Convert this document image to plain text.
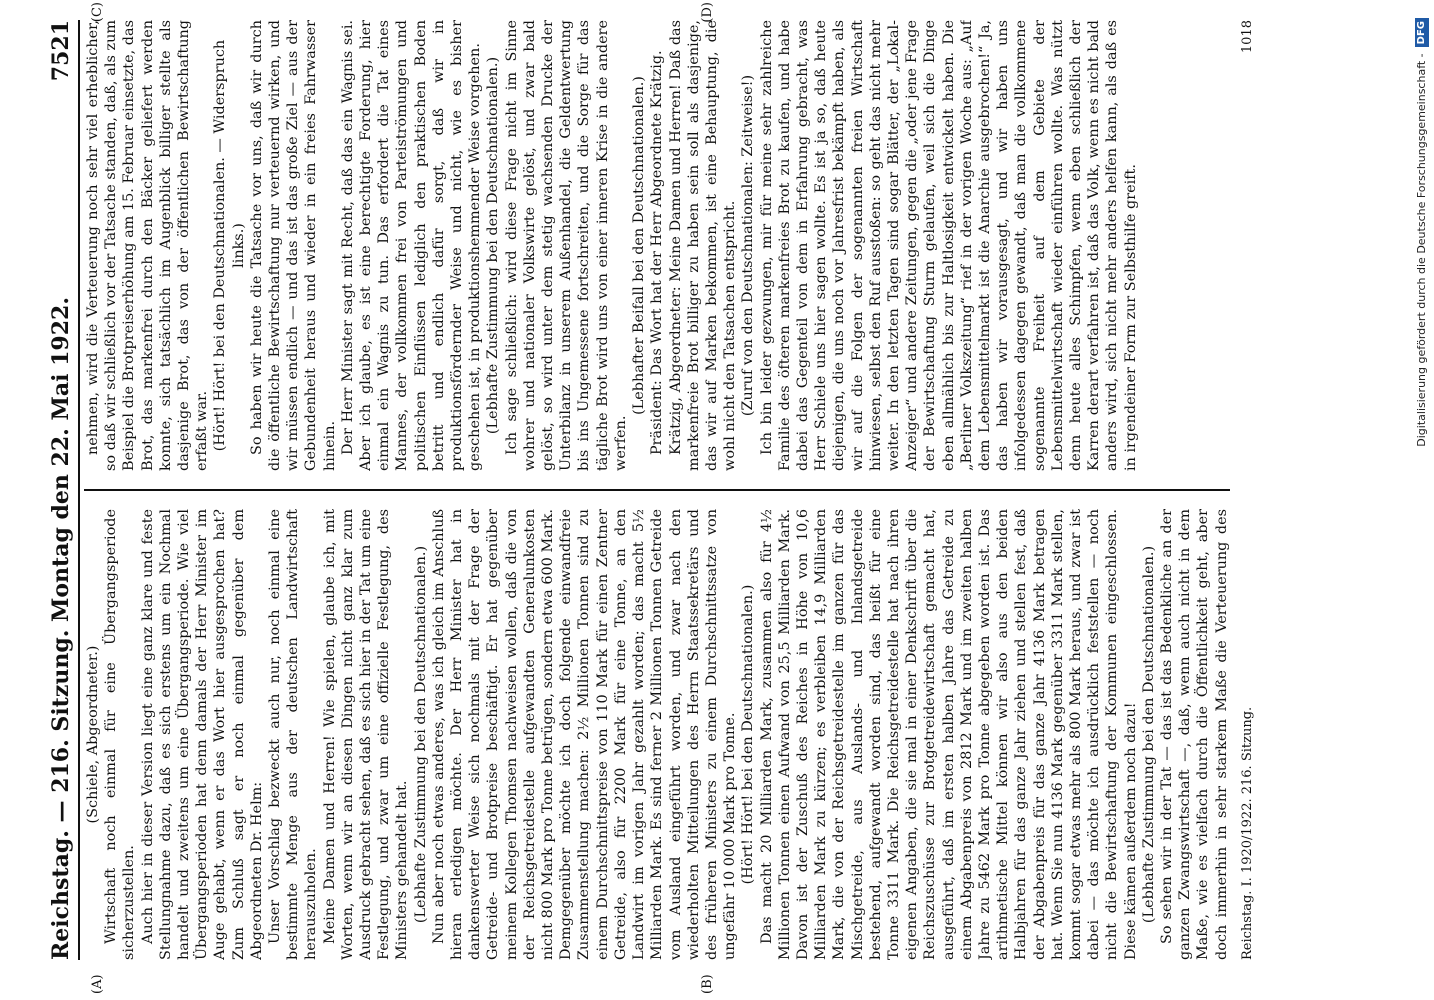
Reichstag. — 216. Sitzung. Montag den 22. Mai 1922.
7521

(Schiele, Abgeordneter.) Wirtschaft noch einmal für eine Übergangsperiode sicherzustellen. Auch hier in dieser Version liegt eine ganz klare und feste Stellungnahme dazu, daß es sich erstens um ein Nochmal handelt und zweitens um eine Übergangsperiode. Wie viel Übergangsperioden hat denn damals der Herr Minister im Auge gehabt, wenn er das Wort hier ausgesprochen hat? Zum Schluß sagt er noch einmal gegenüber dem Abgeordneten Dr. Helm: Unser Vorschlag bezweckt auch nur, noch einmal eine bestimmte Menge aus der deutschen Landwirtschaft herauszuholen. Meine Damen und Herren! Wie spielen, glaube ich, mit Worten, wenn wir an diesen Dingen nicht ganz klar zum Ausdruck gebracht sehen, daß es sich hier in der Tat um eine Festlegung, und zwar um eine offizielle Festlegung, des Ministers gehandelt hat. (Lebhafte Zustimmung bei den Deutschnationalen.) Nun aber noch etwas anderes, was ich gleich im Anschluß hieran erledigen möchte. Der Herr Minister hat in dankenswerter Weise sich nochmals mit der Frage der Getreide- und Brotpreise beschäftigt. Er hat gegenüber meinem Kollegen Thomsen nachweisen wollen, daß die von der Reichsgetreidestelle aufgewandten Generalunkosten nicht 800 Mark pro Tonne betrügen, sondern etwa 600 Mark. Demgegenüber möchte ich doch folgende einwandfreie Zusammenstellung machen: 2½ Millionen Tonnen sind zu einem Durchschnittspreise von 110 Mark für einen Zentner Getreide, also für 2200 Mark für eine Tonne, an den Landwirt im vorigen Jahr gezahlt worden; das macht 5½ Milliarden Mark. Es sind ferner 2 Millionen Tonnen Getreide vom Ausland eingeführt worden, und zwar nach den wiederholten Mitteilungen des Herrn Staatssekretärs und des früheren Ministers zu einem Durchschnittssatze von ungefähr 10 000 Mark pro Tonne. (Hört! Hört! bei den Deutschnationalen.) Das macht 20 Milliarden Mark, zusammen also für 4½ Millionen Tonnen einen Aufwand von 25,5 Milliarden Mark. Davon ist der Zuschuß des Reiches in Höhe von 10,6 Milliarden Mark zu kürzen; es verbleiben 14,9 Milliarden Mark, die von der Reichsgetreidestelle im ganzen für das Mischgetreide, aus Auslands- und Inlandsgetreide bestehend, aufgewandt worden sind, das heißt für eine Tonne 3311 Mark. Die Reichsgetreidestelle hat nach ihren eigenen Angaben, die sie mal in einer Denkschrift über die Reichszuschüsse zur Brotgetreidewirtschaft gemacht hat, ausgeführt, daß im ersten halben Jahre das Getreide zu einem Abgabenpreis von 2812 Mark und im zweiten halben Jahre zu 5462 Mark pro Tonne abgegeben worden ist. Das arithmetische Mittel können wir also aus den beiden Halbjahren für das ganze Jahr ziehen und stellen fest, daß der Abgabenpreis für das ganze Jahr 4136 Mark betragen hat. Wenn Sie nun 4136 Mark gegenüber 3311 Mark stellen, kommt sogar etwas mehr als 800 Mark heraus, und zwar ist dabei — das möchte ich ausdrücklich feststellen — noch nicht die Bewirtschaftung der Kommunen eingeschlossen. Diese kämen außerdem noch dazu! (Lebhafte Zustimmung bei den Deutschnationalen.)

So sehen wir in der Tat — das ist das Bedenkliche an der ganzen Zwangswirtschaft —, daß, wenn auch nicht in dem Maße, wie es vielfach durch die Öffentlichkeit geht, aber doch immerhin in sehr starkem Maße die Verteuerung des

nehmen, wird die Verteuerung noch sehr viel erheblicher, so daß wir schließlich vor der Tatsache standen, daß, als zum Beispiel die Brotpreiserhöhung am 15. Februar einsetzte, das Brot, das markenfrei durch den Bäcker geliefert werden konnte, sich tatsächlich im Augenblick billiger stellte als dasjenige Brot, das von der öffentlichen Bewirtschaftung erfaßt war. (Hört! Hört! bei den Deutschnationalen. — Widerspruch links.) So haben wir heute die Tatsache vor uns, daß wir durch die öffentliche Bewirtschaftung nur verteuernd wirken, und wir müssen endlich — und das ist das große Ziel — aus der Gebundenheit heraus und wieder in ein freies Fahrwasser hinein. Der Herr Minister sagt mit Recht, daß das ein Wagnis sei. Aber ich glaube, es ist eine berechtigte Forderung, hier einmal ein Wagnis zu tun. Das erfordert die Tat eines Mannes, der vollkommen frei von Parteiströmungen und politischen Einflüssen lediglich den praktischen Boden betritt und endlich dafür sorgt, daß wir in produktionsfördernder Weise und nicht, wie es bisher geschehen ist, in produktionshemmender Weise vorgehen. (Lebhafte Zustimmung bei den Deutschnationalen.) Ich sage schließlich: wird diese Frage nicht im Sinne wohrer und nationaler Volkswirte gelöst, und zwar bald gelöst, so wird unter dem stetig wachsenden Drucke der Unterbilanz in unserem Außenhandel, die Geldentwertung bis ins Ungemessene fortschreiten, und die Sorge für das tägliche Brot wird uns von einer inneren Krise in die andere werfen.

(Lebhafter Beifall bei den Deutschnationalen.) Präsident: Das Wort hat der Herr Abgeordnete Krätzig. Krätzig, Abgeordneter: Meine Damen und Herren! Daß das markenfreie Brot billiger zu haben sein soll als dasjenige, das wir auf Marken bekommen, ist eine Behauptung, die wohl nicht den Tatsachen entspricht. (Zuruf von den Deutschnationalen: Zeitweise!) Ich bin leider gezwungen, mir für meine sehr zahlreiche Familie des öfteren markenfreies Brot zu kaufen, und habe dabei das Gegenteil von dem in Erfahrung gebracht, was Herr Schiele uns hier sagen wollte. Es ist ja so, daß heute diejenigen, die uns noch vor Jahresfrist bekämpft haben, als wir auf die Folgen der sogenannten freien Wirtschaft hinwiesen, selbst den Ruf ausstoßen: so geht das nicht mehr weiter. In den letzten Tagen sind sogar Blätter, der „Lokal-Anzeiger“ und andere Zeitungen, gegen die „oder jene Frage der Bewirtschaftung Sturm gelaufen, weil sich die Dinge eben allmählich bis zur Haltlosigkeit entwickelt haben. Die „Berliner Volkszeitung“ rief in der vorigen Woche aus: „Auf dem Lebensmittelmarkt ist die Anarchie ausgebrochen!“ Ja, das haben wir vorausgesagt, und wir haben uns infolgedessen dagegen gewandt, daß man die vollkommene sogenannte Freiheit auf dem Gebiete der Lebensmittelwirtschaft wieder einführen wollte. Was nützt denn heute alles Schimpfen, wenn eben schließlich der Karren derart verfahren ist, daß das Volk, wenn es nicht bald anders wird, sich nicht mehr anders helfen kann, als daß es in irgendeiner Form zur Selbsthilfe greift.

(A)	(B)
(C)	(D)
Reichstag. I. 1920/1922. 216. Sitzung.
1018
Digitalisierung gefördert durch die Deutsche Forschungsgemeinschaft -
DFG
